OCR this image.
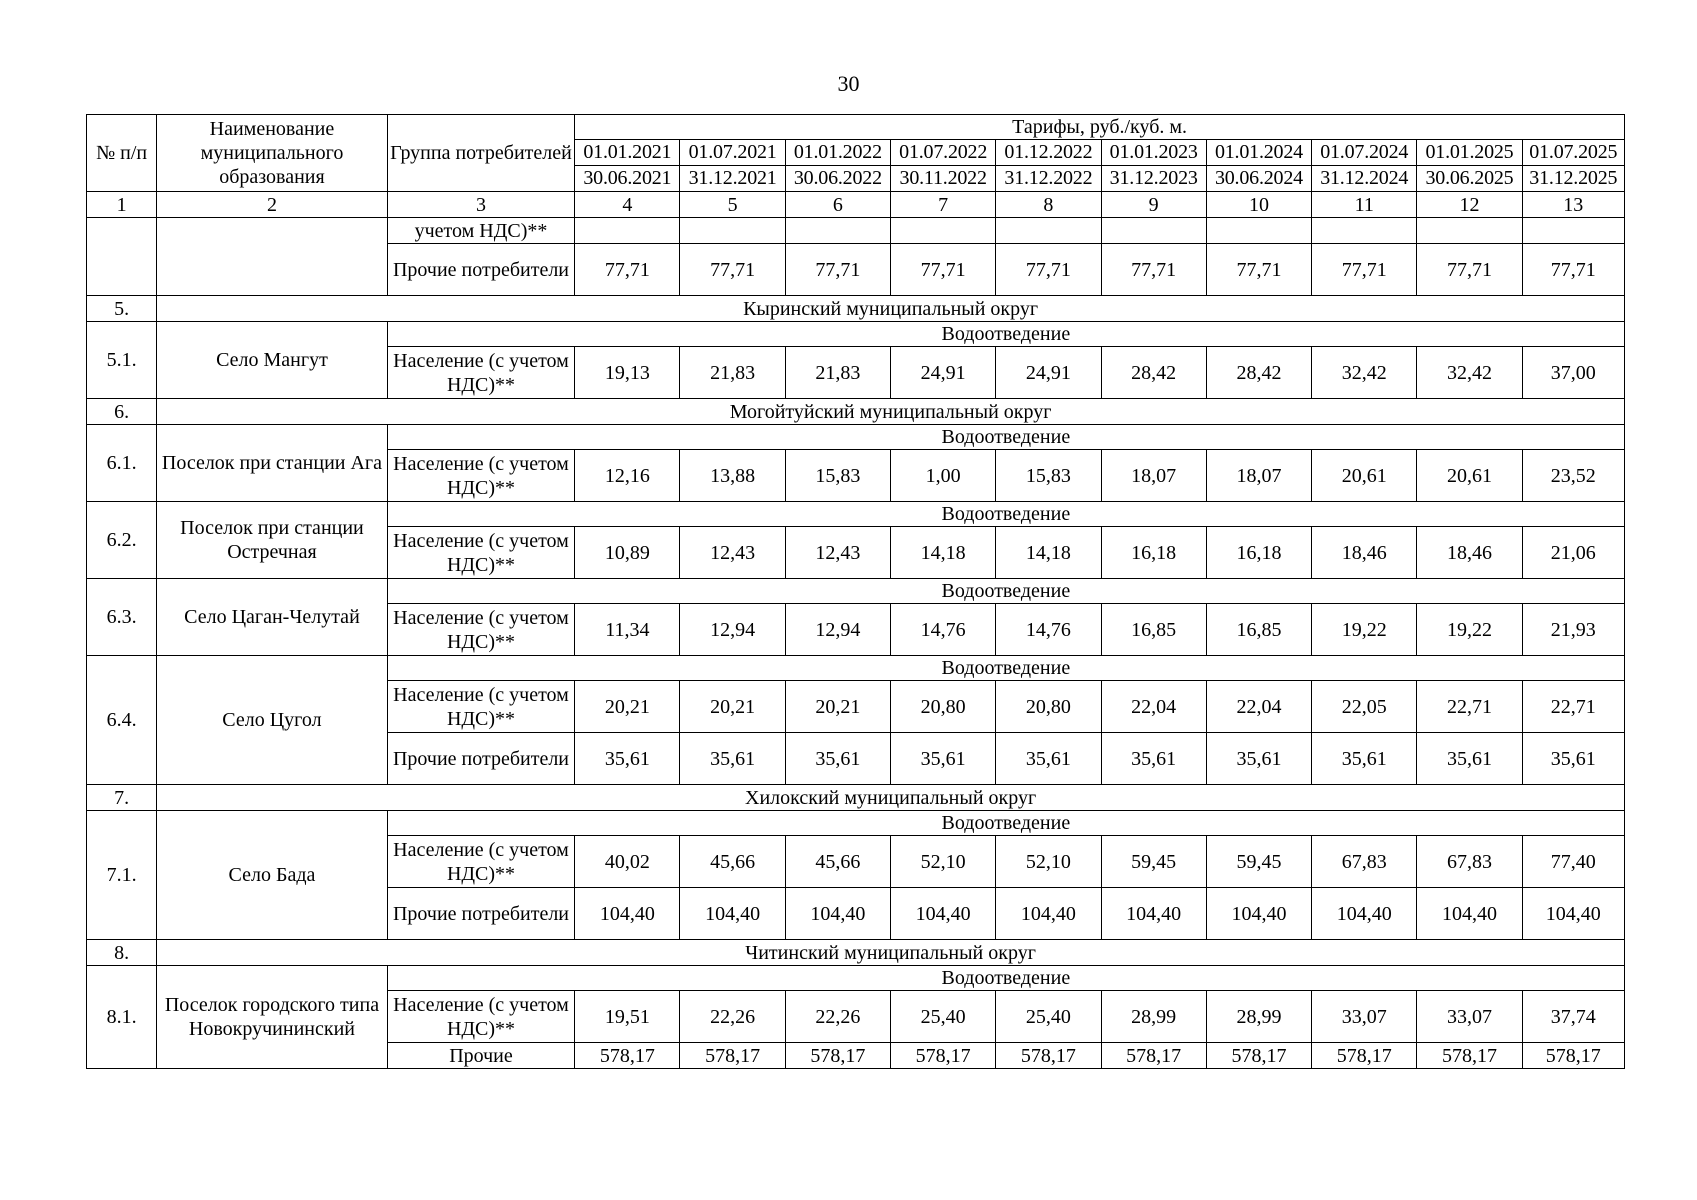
30
№ п/п	Наименование муниципального образования	Группа потребителей	Тарифы, руб./куб. м.									
			01.01.2021	01.07.2021	01.01.2022	01.07.2022	01.12.2022	01.01.2023	01.01.2024	01.07.2024	01.01.2025	01.07.2025
			30.06.2021	31.12.2021	30.06.2022	30.11.2022	31.12.2022	31.12.2023	30.06.2024	31.12.2024	30.06.2025	31.12.2025
1	2	3	4	5	6	7	8	9	10	11	12	13
		учетом НДС)**										
		Прочие потребители	77,71	77,71	77,71	77,71	77,71	77,71	77,71	77,71	77,71	77,71
5.	Кыринский муниципальный округ											
5.1.	Село Мангут	Водоотведение										
		Население (с учетом НДС)**	19,13	21,83	21,83	24,91	24,91	28,42	28,42	32,42	32,42	37,00
6.	Могойтуйский муниципальный округ											
6.1.	Поселок при станции Ага	Водоотведение										
		Население (с учетом НДС)**	12,16	13,88	15,83	1,00	15,83	18,07	18,07	20,61	20,61	23,52
6.2.	Поселок при станции Остречная	Водоотведение										
		Население (с учетом НДС)**	10,89	12,43	12,43	14,18	14,18	16,18	16,18	18,46	18,46	21,06
6.3.	Село Цаган-Челутай	Водоотведение										
		Население (с учетом НДС)**	11,34	12,94	12,94	14,76	14,76	16,85	16,85	19,22	19,22	21,93
6.4.	Село Цугол	Водоотведение										
		Население (с учетом НДС)**	20,21	20,21	20,21	20,80	20,80	22,04	22,04	22,05	22,71	22,71
		Прочие потребители	35,61	35,61	35,61	35,61	35,61	35,61	35,61	35,61	35,61	35,61
7.	Хилокский муниципальный округ											
7.1.	Село Бада	Водоотведение										
		Население (с учетом НДС)**	40,02	45,66	45,66	52,10	52,10	59,45	59,45	67,83	67,83	77,40
		Прочие потребители	104,40	104,40	104,40	104,40	104,40	104,40	104,40	104,40	104,40	104,40
8.	Читинский муниципальный округ											
8.1.	Поселок городского типа Новокручининский	Водоотведение										
		Население (с учетом НДС)**	19,51	22,26	22,26	25,40	25,40	28,99	28,99	33,07	33,07	37,74
		Прочие	578,17	578,17	578,17	578,17	578,17	578,17	578,17	578,17	578,17	578,17
